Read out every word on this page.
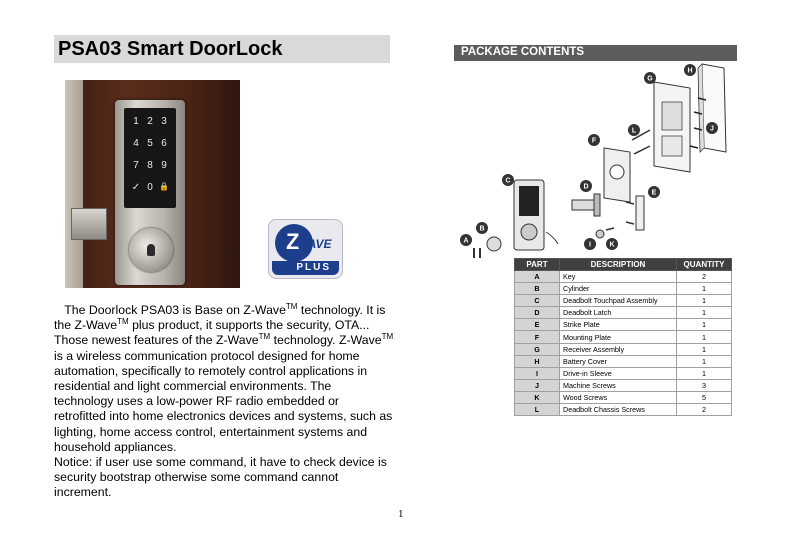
PSA03 Smart DoorLock
1 2 3
4 5 6
7 8 9
✓ 0 🔒
Z
WAVE
PLUS

The Doorlock PSA03 is Base on Z-Wave™ technology. It is the Z-Wave™ plus product, it supports the security, OTA... Those newest features of the Z-Wave™ technology. Z-Wave™ is a wireless communication protocol designed for home automation, specifically to remotely control applications in residential and light commercial environments. The technology uses a low-power RF radio embedded or retrofitted into home electronics devices and systems, such as lighting, home access control, entertainment systems and household appliances.

Notice: if user use some command, it have to check device is security bootstrap otherwise some command cannot increment.

1
PACKAGE CONTENTS
A
B
C
D
E
F
G
H
I
J
K
L
PART	DESCRIPTION	QUANTITY
A	Key	2
B	Cylinder	1
C	Deadbolt Touchpad Assembly	1
D	Deadbolt Latch	1
E	Strike Plate	1
F	Mounting Plate	1
G	Receiver Assembly	1
H	Battery Cover	1
I	Drive-in Sleeve	1
J	Machine Screws	3
K	Wood Screws	5
L	Deadbolt Chassis Screws	2
